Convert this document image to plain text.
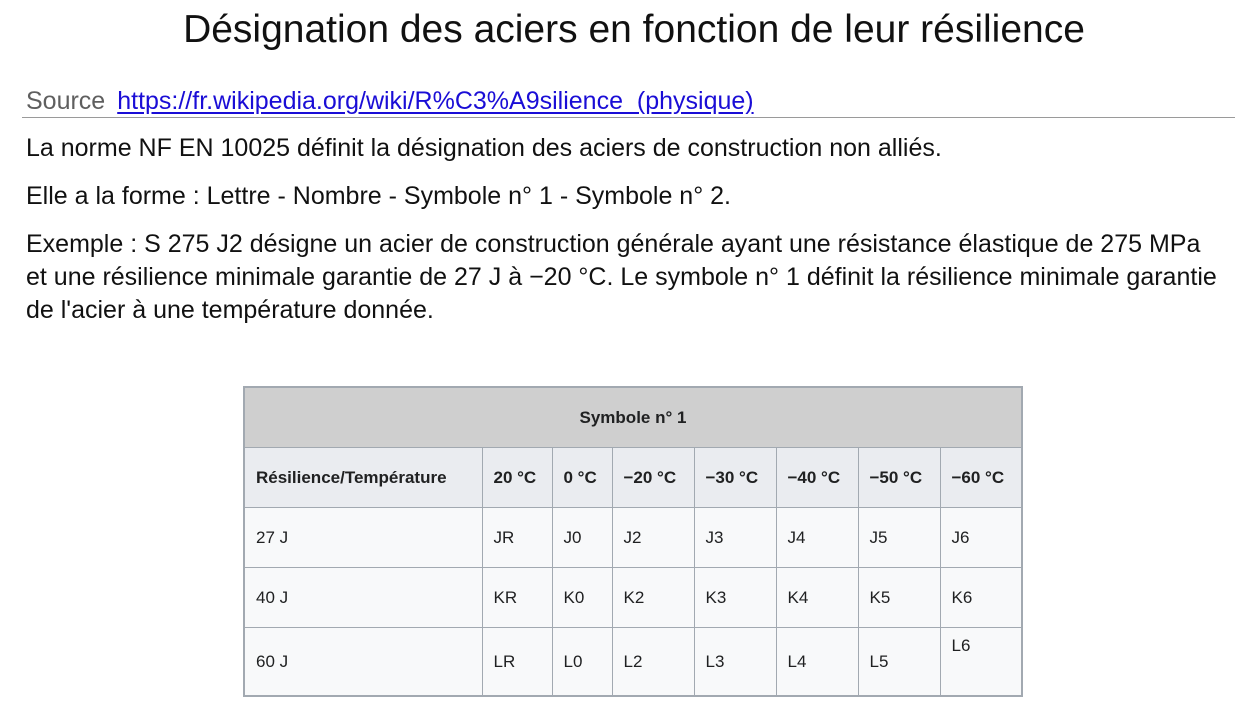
Désignation des aciers en fonction de leur résilience
Source https://fr.wikipedia.org/wiki/R%C3%A9silience_(physique)
La norme NF EN 10025 définit la désignation des aciers de construction non alliés.
Elle a la forme : Lettre - Nombre - Symbole n° 1 - Symbole n° 2.
Exemple : S 275 J2 désigne un acier de construction générale ayant une résistance élastique de 275 MPa et une résilience minimale garantie de 27 J à −20 °C. Le symbole n° 1 définit la résilience minimale garantie de l'acier à une température donnée.
Symbole n° 1							
Résilience/Température	20 °C	0 °C	−20 °C	−30 °C	−40 °C	−50 °C	−60 °C
27 J	JR	J0	J2	J3	J4	J5	J6
40 J	KR	K0	K2	K3	K4	K5	K6
60 J	LR	L0	L2	L3	L4	L5	L6
